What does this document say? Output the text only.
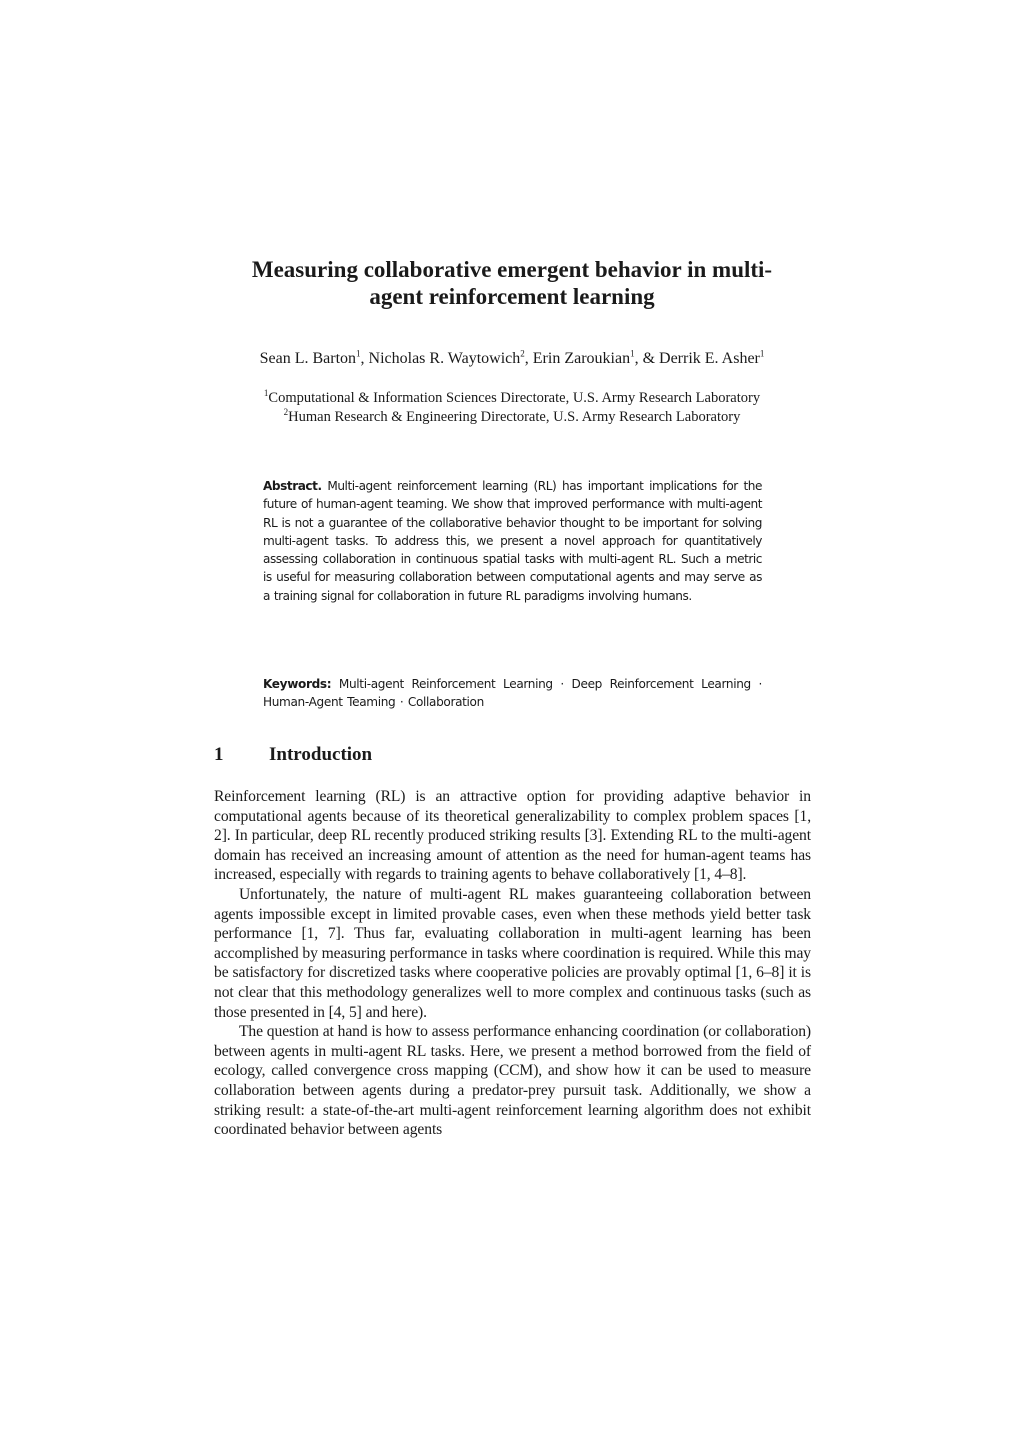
Measuring collaborative emergent behavior in multi-
agent reinforcement learning
Sean L. Barton$^1$, Nicholas R. Waytowich$^2$, Erin Zaroukian$^1$, & Derrik E. Asher$^1$
$^1$Computational & Information Sciences Directorate, U.S. Army Research Laboratory
$^2$Human Research & Engineering Directorate, U.S. Army Research Laboratory
Abstract. Multi-agent reinforcement learning (RL) has important implications for the future of human-agent teaming. We show that improved performance with multi-agent RL is not a guarantee of the collaborative behavior thought to be important for solving multi-agent tasks. To address this, we present a novel approach for quantitatively assessing collaboration in continuous spatial tasks with multi-agent RL. Such a metric is useful for measuring collaboration between computational agents and may serve as a training signal for collaboration in future RL paradigms involving humans.
Keywords: Multi-agent Reinforcement Learning · Deep Reinforcement Learning · Human-Agent Teaming · Collaboration
1 Introduction

Reinforcement learning (RL) is an attractive option for providing adaptive behavior in computational agents because of its theoretical generalizability to complex problem spaces [1, 2]. In particular, deep RL recently produced striking results [3]. Extending RL to the multi-agent domain has received an increasing amount of attention as the need for human-agent teams has increased, especially with regards to training agents to behave collaboratively [1, 4–8].

Unfortunately, the nature of multi-agent RL makes guaranteeing collaboration between agents impossible except in limited provable cases, even when these methods yield better task performance [1, 7]. Thus far, evaluating collaboration in multi-agent learning has been accomplished by measuring performance in tasks where coordination is required. While this may be satisfactory for discretized tasks where cooperative policies are provably optimal [1, 6–8] it is not clear that this methodology generalizes well to more complex and continuous tasks (such as those presented in [4, 5] and here).

The question at hand is how to assess performance enhancing coordination (or collaboration) between agents in multi-agent RL tasks. Here, we present a method borrowed from the field of ecology, called convergence cross mapping (CCM), and show how it can be used to measure collaboration between agents during a predator-prey pursuit task. Additionally, we show a striking result: a state-of-the-art multi-agent reinforcement learning algorithm does not exhibit coordinated behavior between agents
